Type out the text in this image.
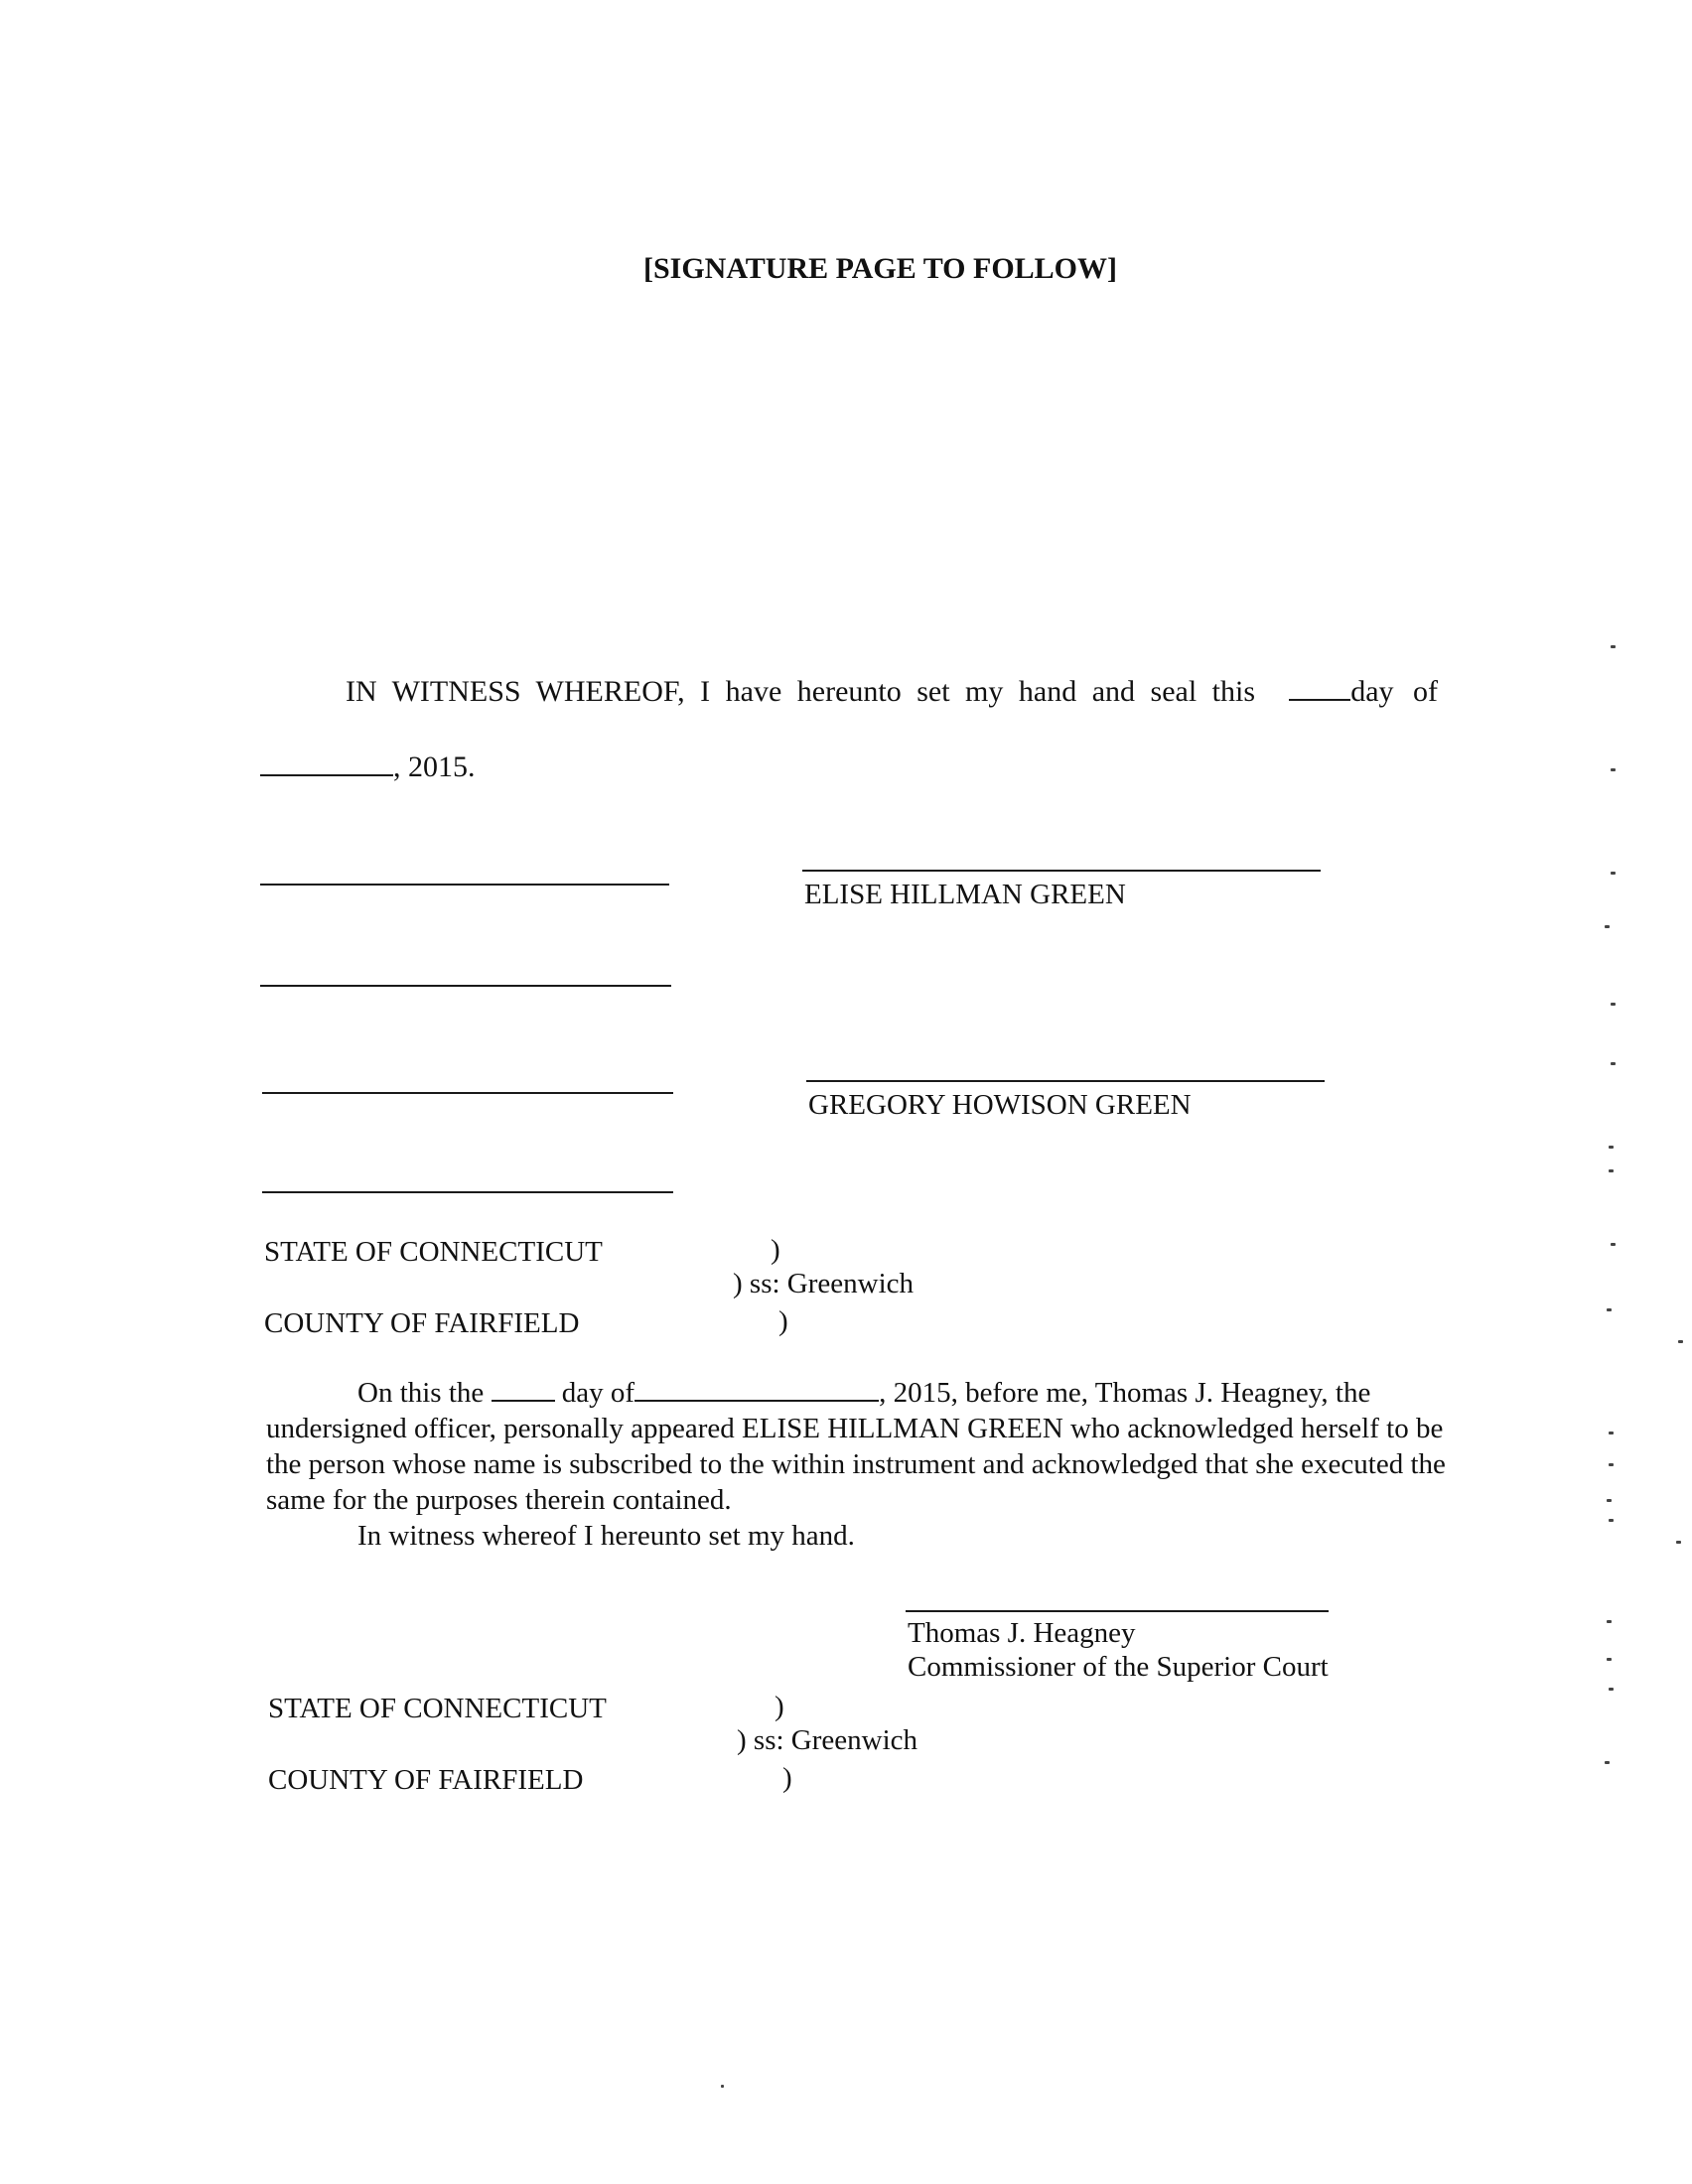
[SIGNATURE PAGE TO FOLLOW]
IN WITNESS WHEREOF, I have hereunto set my hand and seal this	day of
, 2015.
ELISE HILLMAN GREEN
GREGORY HOWISON GREEN
STATE OF CONNECTICUT	)
) ss: Greenwich
COUNTY OF FAIRFIELD	)
On this the	day of	, 2015, before me, Thomas J. Heagney, the undersigned officer, personally appeared ELISE HILLMAN GREEN who acknowledged herself to be the person whose name is subscribed to the within instrument and acknowledged that she executed the same for the purposes therein contained.
In witness whereof I hereunto set my hand.
Thomas J. Heagney
Commissioner of the Superior Court
STATE OF CONNECTICUT	)
) ss: Greenwich
COUNTY OF FAIRFIELD	)
